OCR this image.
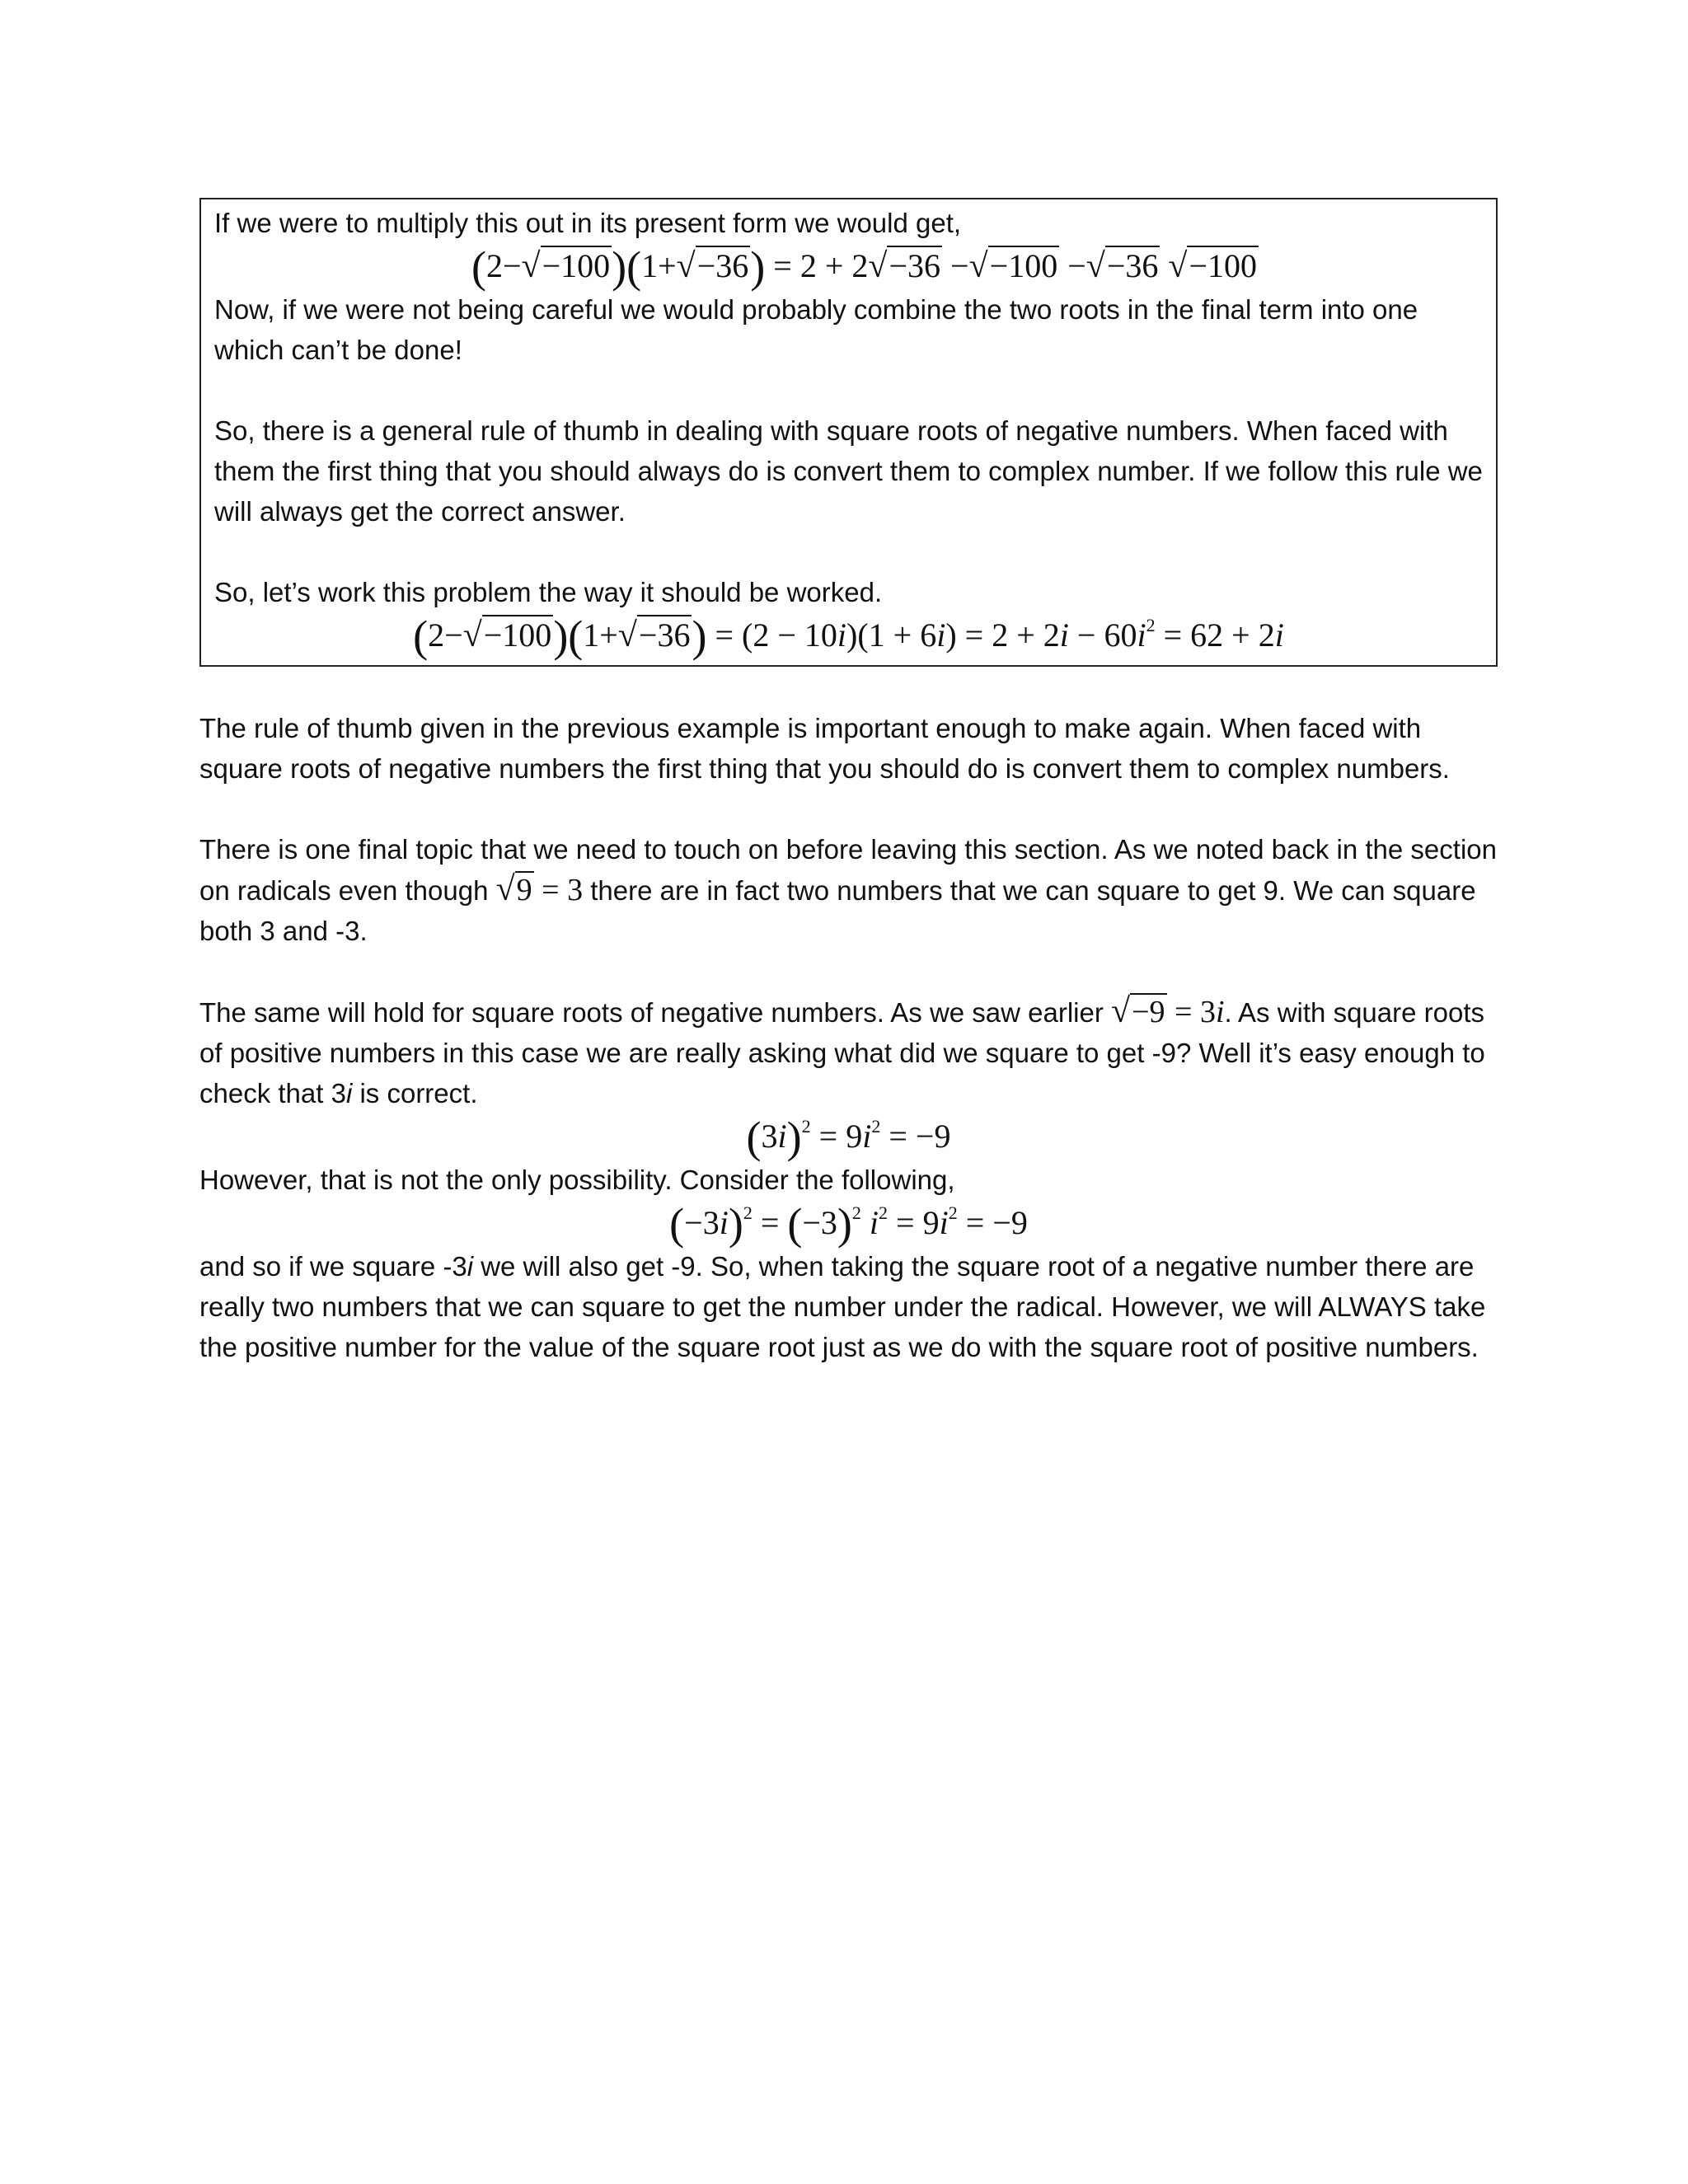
If we were to multiply this out in its present form we would get,

(2−√−100)(1+√−36) = 2 + 2√−36 −√−100 −√−36 √−100

Now, if we were not being careful we would probably combine the two roots in the final term into one which can’t be done!

So, there is a general rule of thumb in dealing with square roots of negative numbers. When faced with them the first thing that you should always do is convert them to complex number. If we follow this rule we will always get the correct answer.

So, let’s work this problem the way it should be worked.

$(2-√-100)(1+√-36) = (2 - 10i)(1 + 6i) = 2 + 2i - 60i^2 = 62 + 2i$

The rule of thumb given in the previous example is important enough to make again. When faced with square roots of negative numbers the first thing that you should do is convert them to complex numbers.

There is one final topic that we need to touch on before leaving this section. As we noted back in the section on radicals even though √9 = 3 there are in fact two numbers that we can square to get 9. We can square both 3 and -3.

The same will hold for square roots of negative numbers. As we saw earlier √−9 = 3i. As with square roots of positive numbers in this case we are really asking what did we square to get -9? Well it’s easy enough to check that 3i is correct.

$(3i)^2 = 9i^2 = -9$

However, that is not the only possibility. Consider the following,

$(-3i)^2 = (-3)^2$ $i^2 = 9i^2 = -9$

and so if we square -3i we will also get -9. So, when taking the square root of a negative number there are really two numbers that we can square to get the number under the radical. However, we will ALWAYS take the positive number for the value of the square root just as we do with the square root of positive numbers.
